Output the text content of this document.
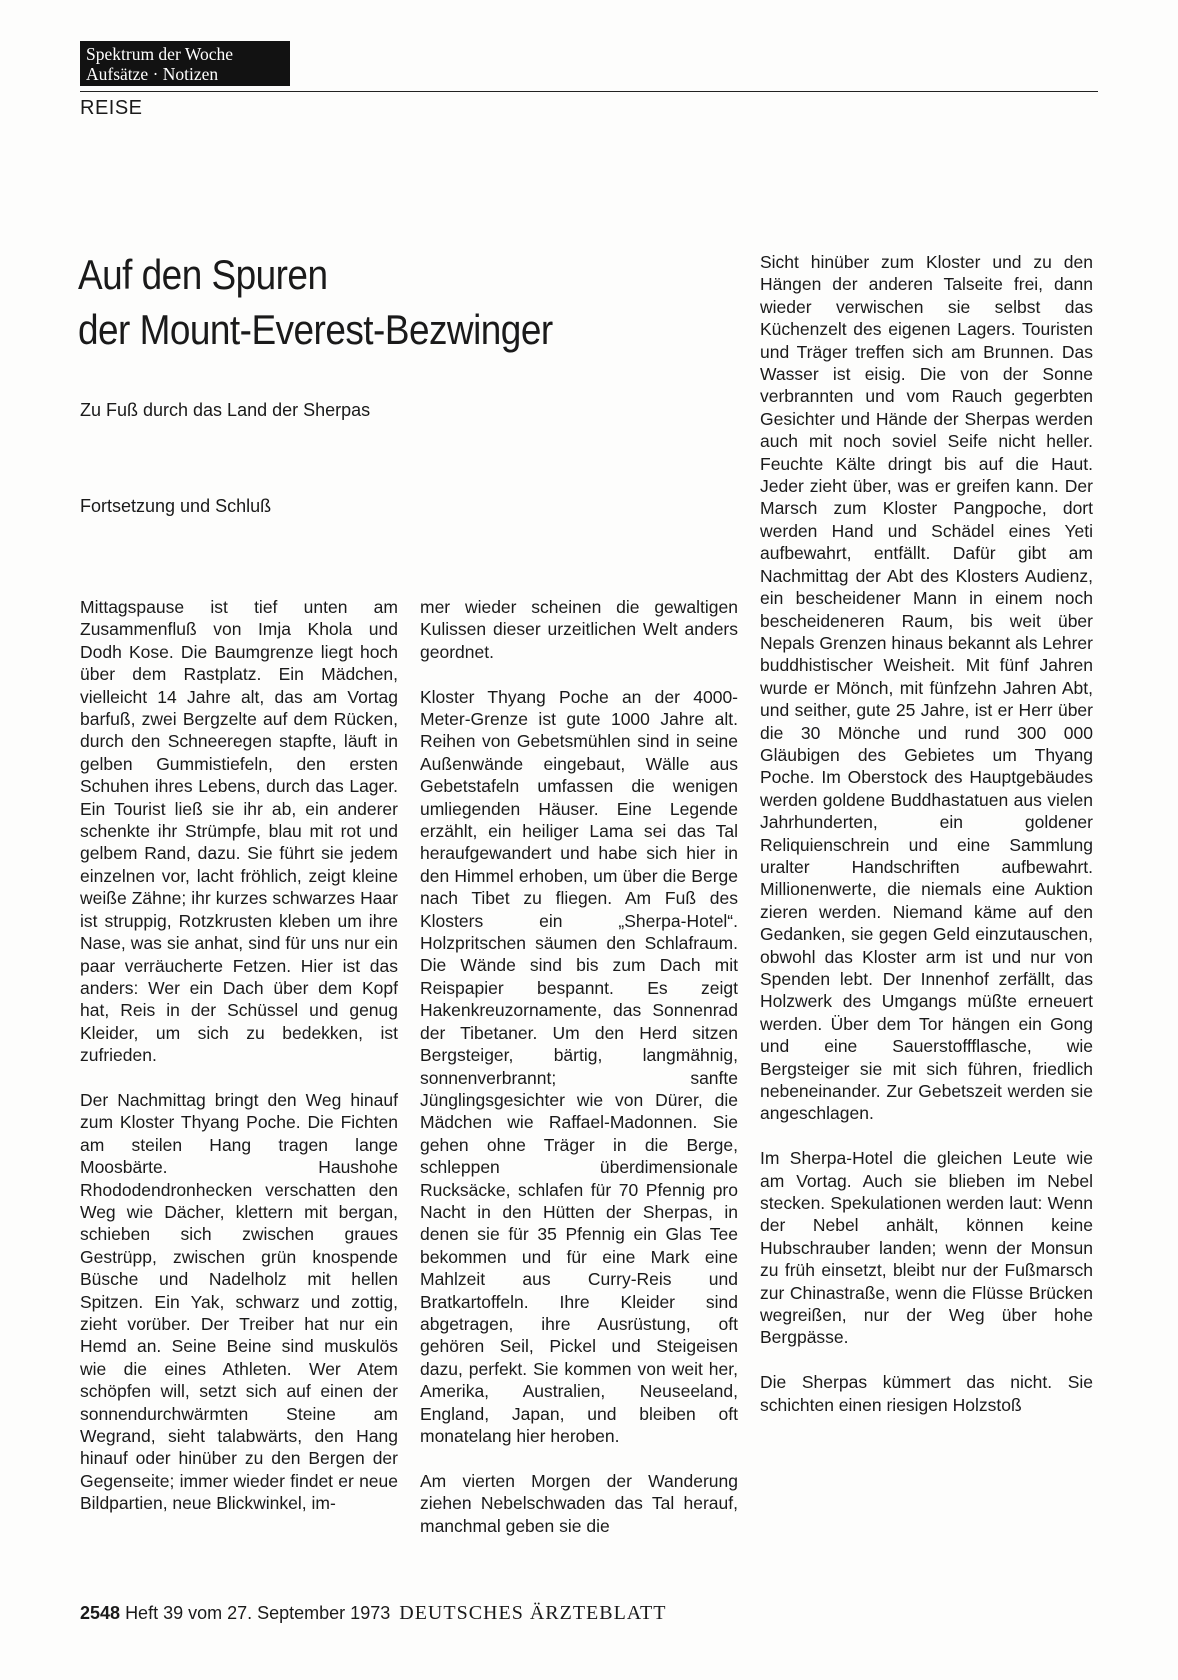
Spektrum der Woche
Aufsätze · Notizen
REISE
Auf den Spuren
der Mount-Everest-Bezwinger
Zu Fuß durch das Land der Sherpas
Fortsetzung und Schluß

Mittagspause ist tief unten am Zusammenfluß von Imja Khola und Dodh Kose. Die Baumgrenze liegt hoch über dem Rastplatz. Ein Mädchen, vielleicht 14 Jahre alt, das am Vortag barfuß, zwei Bergzelte auf dem Rücken, durch den Schneeregen stapfte, läuft in gelben Gummistiefeln, den ersten Schuhen ihres Lebens, durch das Lager. Ein Tourist ließ sie ihr ab, ein anderer schenkte ihr Strümpfe, blau mit rot und gelbem Rand, dazu. Sie führt sie jedem einzelnen vor, lacht fröhlich, zeigt kleine weiße Zähne; ihr kurzes schwarzes Haar ist struppig, Rotzkrusten kleben um ihre Nase, was sie anhat, sind für uns nur ein paar verräucherte Fetzen. Hier ist das anders: Wer ein Dach über dem Kopf hat, Reis in der Schüssel und genug Kleider, um sich zu bedekken, ist zufrieden.

Der Nachmittag bringt den Weg hinauf zum Kloster Thyang Poche. Die Fichten am steilen Hang tragen lange Moosbärte. Haushohe Rhododendronhecken verschatten den Weg wie Dächer, klettern mit bergan, schieben sich zwischen graues Gestrüpp, zwischen grün knospende Büsche und Nadelholz mit hellen Spitzen. Ein Yak, schwarz und zottig, zieht vorüber. Der Treiber hat nur ein Hemd an. Seine Beine sind muskulös wie die eines Athleten. Wer Atem schöpfen will, setzt sich auf einen der sonnendurchwärmten Steine am Wegrand, sieht talabwärts, den Hang hinauf oder hinüber zu den Bergen der Gegenseite; immer wieder findet er neue Bildpartien, neue Blickwinkel, im-

mer wieder scheinen die gewaltigen Kulissen dieser urzeitlichen Welt anders geordnet.

Kloster Thyang Poche an der 4000-Meter-Grenze ist gute 1000 Jahre alt. Reihen von Gebetsmühlen sind in seine Außenwände eingebaut, Wälle aus Gebetstafeln umfassen die wenigen umliegenden Häuser. Eine Legende erzählt, ein heiliger Lama sei das Tal heraufgewandert und habe sich hier in den Himmel erhoben, um über die Berge nach Tibet zu fliegen. Am Fuß des Klosters ein „Sherpa-Hotel“. Holzpritschen säumen den Schlafraum. Die Wände sind bis zum Dach mit Reispapier bespannt. Es zeigt Hakenkreuzornamente, das Sonnenrad der Tibetaner. Um den Herd sitzen Bergsteiger, bärtig, langmähnig, sonnenverbrannt; sanfte Jünglingsgesichter wie von Dürer, die Mädchen wie Raffael-Madonnen. Sie gehen ohne Träger in die Berge, schleppen überdimensionale Rucksäcke, schlafen für 70 Pfennig pro Nacht in den Hütten der Sherpas, in denen sie für 35 Pfennig ein Glas Tee bekommen und für eine Mark eine Mahlzeit aus Curry-Reis und Bratkartoffeln. Ihre Kleider sind abgetragen, ihre Ausrüstung, oft gehören Seil, Pickel und Steigeisen dazu, perfekt. Sie kommen von weit her, Amerika, Australien, Neuseeland, England, Japan, und bleiben oft monatelang hier heroben.

Am vierten Morgen der Wanderung ziehen Nebelschwaden das Tal herauf, manchmal geben sie die

Sicht hinüber zum Kloster und zu den Hängen der anderen Talseite frei, dann wieder verwischen sie selbst das Küchenzelt des eigenen Lagers. Touristen und Träger treffen sich am Brunnen. Das Wasser ist eisig. Die von der Sonne verbrannten und vom Rauch gegerbten Gesichter und Hände der Sherpas werden auch mit noch soviel Seife nicht heller. Feuchte Kälte dringt bis auf die Haut. Jeder zieht über, was er greifen kann. Der Marsch zum Kloster Pangpoche, dort werden Hand und Schädel eines Yeti aufbewahrt, entfällt. Dafür gibt am Nachmittag der Abt des Klosters Audienz, ein bescheidener Mann in einem noch bescheideneren Raum, bis weit über Nepals Grenzen hinaus bekannt als Lehrer buddhistischer Weisheit. Mit fünf Jahren wurde er Mönch, mit fünfzehn Jahren Abt, und seither, gute 25 Jahre, ist er Herr über die 30 Mönche und rund 300 000 Gläubigen des Gebietes um Thyang Poche. Im Oberstock des Hauptgebäudes werden goldene Buddhastatuen aus vielen Jahrhunderten, ein goldener Reliquienschrein und eine Sammlung uralter Handschriften aufbewahrt. Millionenwerte, die niemals eine Auktion zieren werden. Niemand käme auf den Gedanken, sie gegen Geld einzutauschen, obwohl das Kloster arm ist und nur von Spenden lebt. Der Innenhof zerfällt, das Holzwerk des Umgangs müßte erneuert werden. Über dem Tor hängen ein Gong und eine Sauerstoffflasche, wie Bergsteiger sie mit sich führen, friedlich nebeneinander. Zur Gebetszeit werden sie angeschlagen.

Im Sherpa-Hotel die gleichen Leute wie am Vortag. Auch sie blieben im Nebel stecken. Spekulationen werden laut: Wenn der Nebel anhält, können keine Hubschrauber landen; wenn der Monsun zu früh einsetzt, bleibt nur der Fußmarsch zur Chinastraße, wenn die Flüsse Brücken wegreißen, nur der Weg über hohe Bergpässe.

Die Sherpas kümmert das nicht. Sie schichten einen riesigen Holzstoß

2548 Heft 39 vom 27. September 1973 DEUTSCHES ÄRZTEBLATT
